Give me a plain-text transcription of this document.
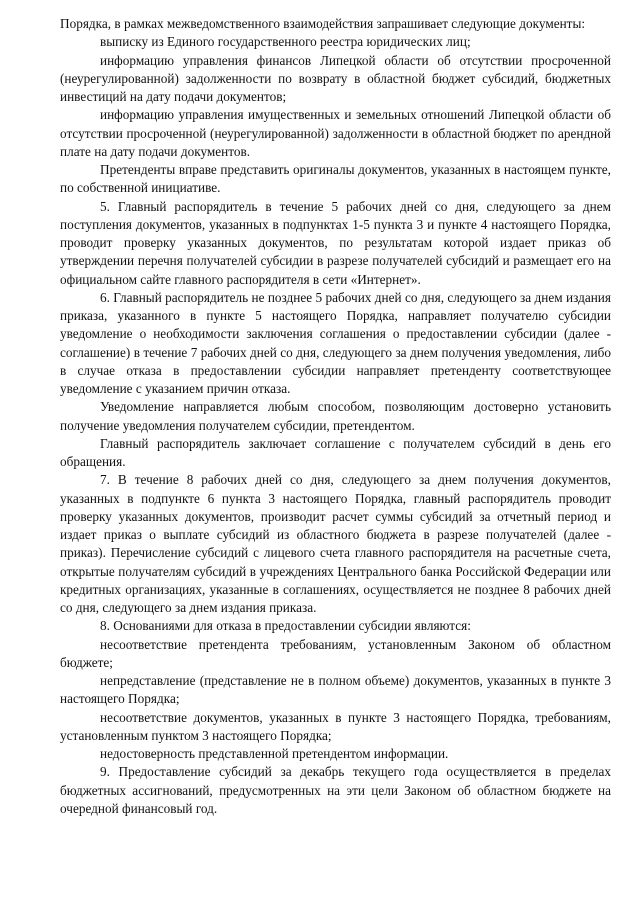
Порядка, в рамках межведомственного взаимодействия запрашивает следующие документы:

выписку из Единого государственного реестра юридических лиц;

информацию управления финансов Липецкой области об отсутствии просроченной (неурегулированной) задолженности по возврату в областной бюджет субсидий, бюджетных инвестиций на дату подачи документов;

информацию управления имущественных и земельных отношений Липецкой области об отсутствии просроченной (неурегулированной) задолженности в областной бюджет по арендной плате на дату подачи документов.

Претенденты вправе представить оригиналы документов, указанных в настоящем пункте, по собственной инициативе.

5. Главный распорядитель в течение 5 рабочих дней со дня, следующего за днем поступления документов, указанных в подпунктах 1-5 пункта 3 и пункте 4 настоящего Порядка, проводит проверку указанных документов, по результатам которой издает приказ об утверждении перечня получателей субсидии в разрезе получателей субсидий и размещает его на официальном сайте главного распорядителя в сети «Интернет».

6. Главный распорядитель не позднее 5 рабочих дней со дня, следующего за днем издания приказа, указанного в пункте 5 настоящего Порядка, направляет получателю субсидии уведомление о необходимости заключения соглашения о предоставлении субсидии (далее - соглашение) в течение 7 рабочих дней со дня, следующего за днем получения уведомления, либо в случае отказа в предоставлении субсидии направляет претенденту соответствующее уведомление с указанием причин отказа.

Уведомление направляется любым способом, позволяющим достоверно установить получение уведомления получателем субсидии, претендентом.

Главный распорядитель заключает соглашение с получателем субсидий в день его обращения.

7. В течение 8 рабочих дней со дня, следующего за днем получения документов, указанных в подпункте 6 пункта 3 настоящего Порядка, главный распорядитель проводит проверку указанных документов, производит расчет суммы субсидий за отчетный период и издает приказ о выплате субсидий из областного бюджета в разрезе получателей (далее - приказ). Перечисление субсидий с лицевого счета главного распорядителя на расчетные счета, открытые получателям субсидий в учреждениях Центрального банка Российской Федерации или кредитных организациях, указанные в соглашениях, осуществляется не позднее 8 рабочих дней со дня, следующего за днем издания приказа.

8. Основаниями для отказа в предоставлении субсидии являются:

несоответствие претендента требованиям, установленным Законом об областном бюджете;

непредставление (представление не в полном объеме) документов, указанных в пункте 3 настоящего Порядка;

несоответствие документов, указанных в пункте 3 настоящего Порядка, требованиям, установленным пунктом 3 настоящего Порядка;

недостоверность представленной претендентом информации.

9. Предоставление субсидий за декабрь текущего года осуществляется в пределах бюджетных ассигнований, предусмотренных на эти цели Законом об областном бюджете на очередной финансовый год.
